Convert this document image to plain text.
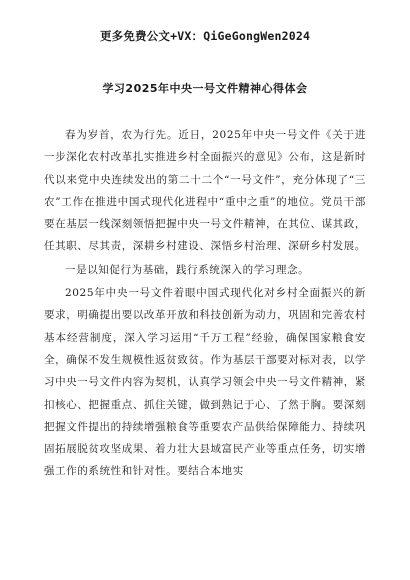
更多免费公文+VX：QiGeGongWen2024
学习2025年中央一号文件精神心得体会

春为岁首，农为行先。近日，2025年中央一号文件《关于进一步深化农村改革扎实推进乡村全面振兴的意见》公布，这是新时代以来党中央连续发出的第二十二个“一号文件”，充分体现了“三农”工作在推进中国式现代化进程中“重中之重”的地位。党员干部要在基层一线深刻领悟把握中央一号文件精神，在其位、谋其政，任其职、尽其责，深耕乡村建设、深悟乡村治理、深研乡村发展。

一是以知促行为基础，践行系统深入的学习理念。

2025年中央一号文件着眼中国式现代化对乡村全面振兴的新要求，明确提出要以改革开放和科技创新为动力，巩固和完善农村基本经营制度，深入学习运用“千万工程”经验，确保国家粮食安全，确保不发生规模性返贫致贫。作为基层干部要对标对表，以学习中央一号文件内容为契机，认真学习领会中央一号文件精神，紧扣核心、把握重点、抓住关键，做到熟记于心、了然于胸。要深刻把握文件提出的持续增强粮食等重要农产品供给保障能力、持续巩固拓展脱贫攻坚成果、着力壮大县域富民产业等重点任务，切实增强工作的系统性和针对性。要结合本地实
